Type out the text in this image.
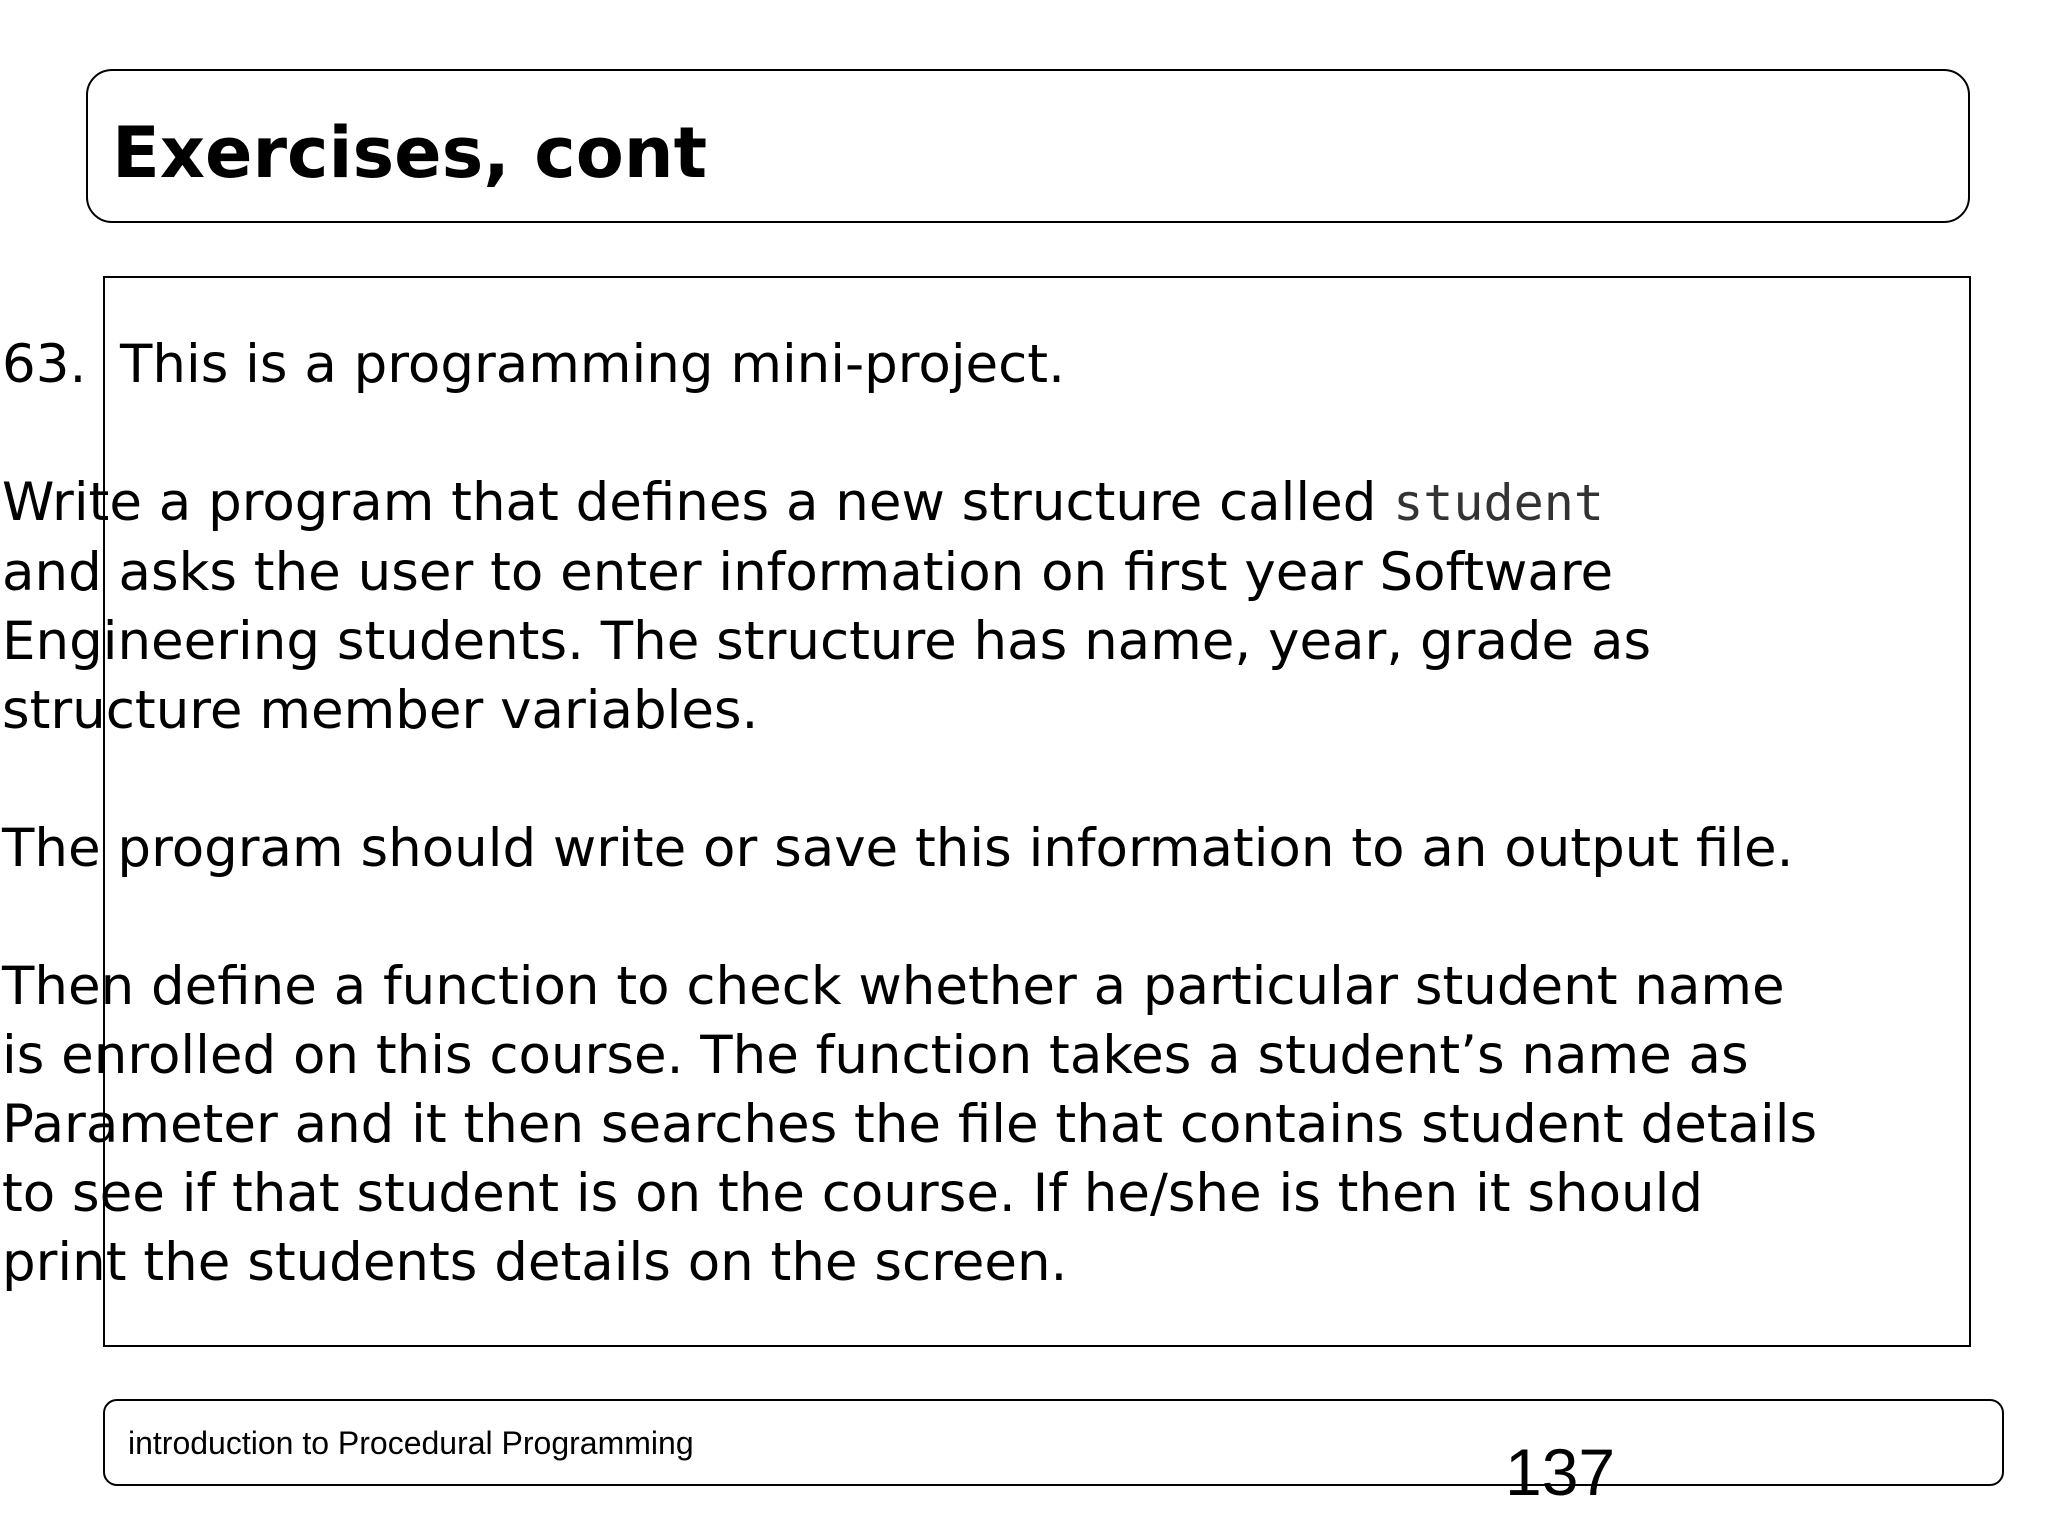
Exercises, cont
63. This is a programming mini-project.
Write a program that defines a new structure called student
and asks the user to enter information on first year Software
Engineering students. The structure has name, year, grade as
structure member variables.
The program should write or save this information to an output file.
Then define a function to check whether a particular student name
is enrolled on this course. The function takes a student’s name as
Parameter and it then searches the file that contains student details
to see if that student is on the course. If he/she is then it should
print the students details on the screen.
introduction to Procedural Programming	137
